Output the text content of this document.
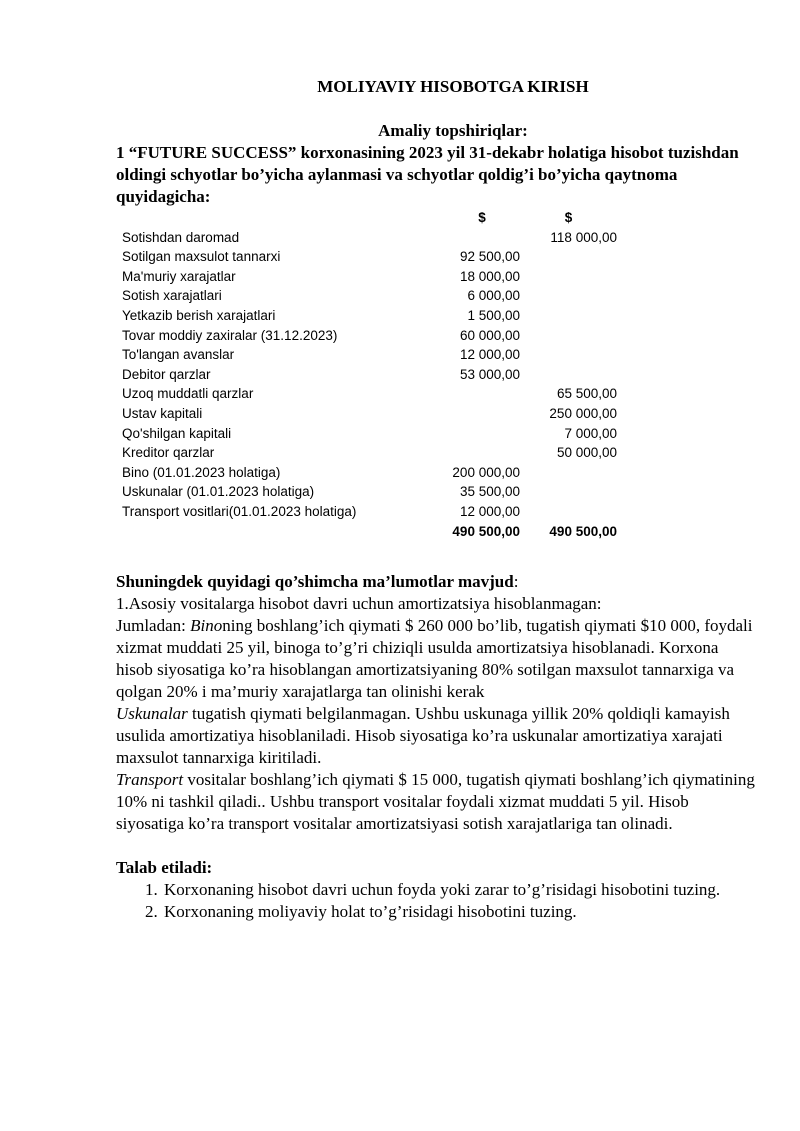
MOLIYAVIY HISOBOTGA KIRISH
Amaliy topshiriqlar:
1 “FUTURE SUCCESS” korxonasining 2023 yil 31-dekabr holatiga hisobot tuzishdan oldingi schyotlar bo’yicha aylanmasi va schyotlar qoldig’i bo’yicha qaytnoma quyidagicha:
	$	$
Sotishdan daromad		118 000,00
Sotilgan maxsulot tannarxi	92 500,00	
Ma'muriy xarajatlar	18 000,00	
Sotish xarajatlari	6 000,00	
Yetkazib berish xarajatlari	1 500,00	
Tovar moddiy zaxiralar (31.12.2023)	60 000,00	
To'langan avanslar	12 000,00	
Debitor qarzlar	53 000,00	
Uzoq muddatli qarzlar		65 500,00
Ustav kapitali		250 000,00
Qo'shilgan kapitali		7 000,00
Kreditor qarzlar		50 000,00
Bino (01.01.2023 holatiga)	200 000,00	
Uskunalar (01.01.2023 holatiga)	35 500,00	
Transport vositlari(01.01.2023 holatiga)	12 000,00	
	490 500,00	490 500,00

Shuningdek quyidagi qo’shimcha ma’lumotlar mavjud:

1.Asosiy vositalarga hisobot davri uchun amortizatsiya hisoblanmagan:

Jumladan: Binoning boshlang’ich qiymati $ 260 000 bo’lib, tugatish qiymati $10 000, foydali xizmat muddati 25 yil, binoga to’g’ri chiziqli usulda amortizatsiya hisoblanadi. Korxona hisob siyosatiga ko’ra hisoblangan amortizatsiyaning 80% sotilgan maxsulot tannarxiga va qolgan 20% i ma’muriy xarajatlarga tan olinishi kerak

Uskunalar tugatish qiymati belgilanmagan. Ushbu uskunaga yillik 20% qoldiqli kamayish usulida amortizatiya hisoblaniladi. Hisob siyosatiga ko’ra uskunalar amortizatiya xarajati maxsulot tannarxiga kiritiladi.

Transport vositalar boshlang’ich qiymati $ 15 000, tugatish qiymati boshlang’ich qiymatining 10% ni tashkil qiladi.. Ushbu transport vositalar foydali xizmat muddati 5 yil. Hisob siyosatiga ko’ra transport vositalar amortizatsiyasi sotish xarajatlariga tan olinadi.

Talab etiladi:

1. Korxonaning hisobot davri uchun foyda yoki zarar to’g’risidagi hisobotini tuzing.
2. Korxonaning moliyaviy holat to’g’risidagi hisobotini tuzing.
